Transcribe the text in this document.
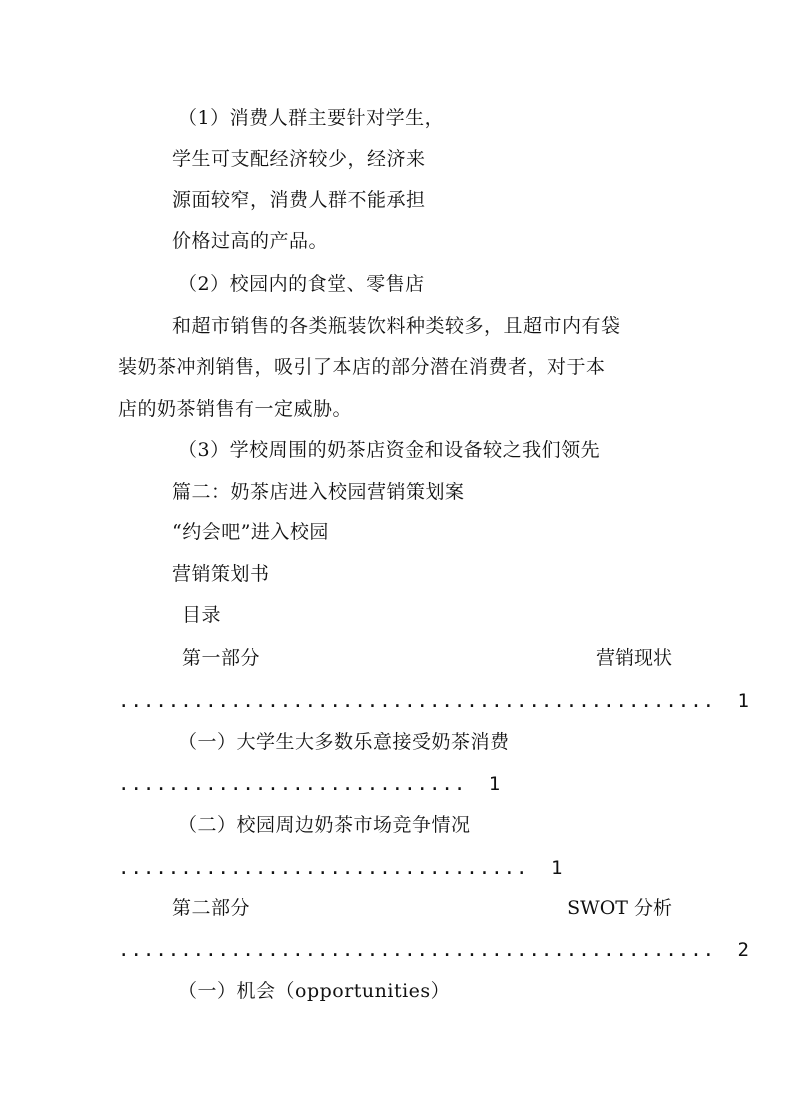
（1）消费人群主要针对学生，
学生可支配经济较少，经济来
源面较窄，消费人群不能承担
价格过高的产品。
（2）校园内的食堂、零售店
和超市销售的各类瓶装饮料种类较多，且超市内有袋
装奶茶冲剂销售，吸引了本店的部分潜在消费者，对于本
店的奶茶销售有一定威胁。
（3）学校周围的奶茶店资金和设备较之我们领先
篇二：奶茶店进入校园营销策划案
“约会吧”进入校园
营销策划书
目录
第一部分	营销现状
................................................ 1
（一）大学生大多数乐意接受奶茶消费
............................ 1
（二）校园周边奶茶市场竞争情况
................................. 1
第二部分	SWOT 分析
................................................ 2
（一）机会（opportunities）
